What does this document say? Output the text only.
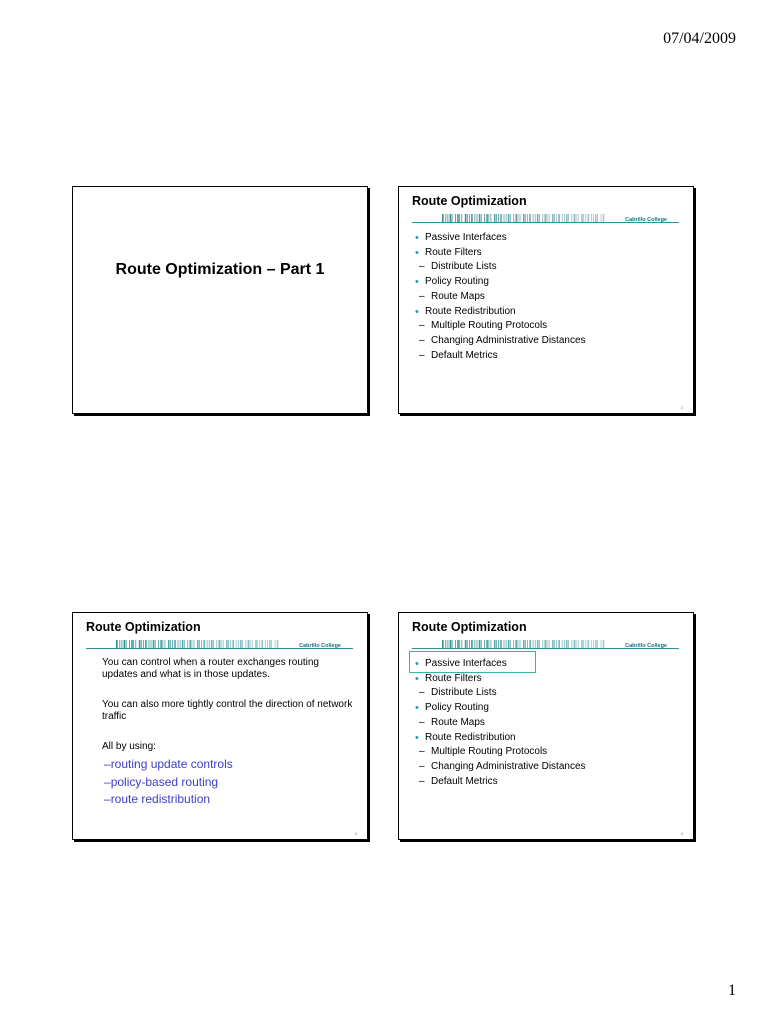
07/04/2009
Route Optimization – Part 1
Route Optimization
Cabrillo College
• Passive Interfaces
• Route Filters
– Distribute Lists
• Policy Routing
– Route Maps
• Route Redistribution
– Multiple Routing Protocols
– Changing Administrative Distances
– Default Metrics
2
Route Optimization
Cabrillo College
You can control when a router exchanges routing updates and what is in those updates.
You can also more tightly control the direction of network traffic
All by using:
– routing update controls
– policy-based routing
– route redistribution
3
Route Optimization
Cabrillo College
• Passive Interfaces
• Route Filters
– Distribute Lists
• Policy Routing
– Route Maps
• Route Redistribution
– Multiple Routing Protocols
– Changing Administrative Distances
– Default Metrics
4
1
